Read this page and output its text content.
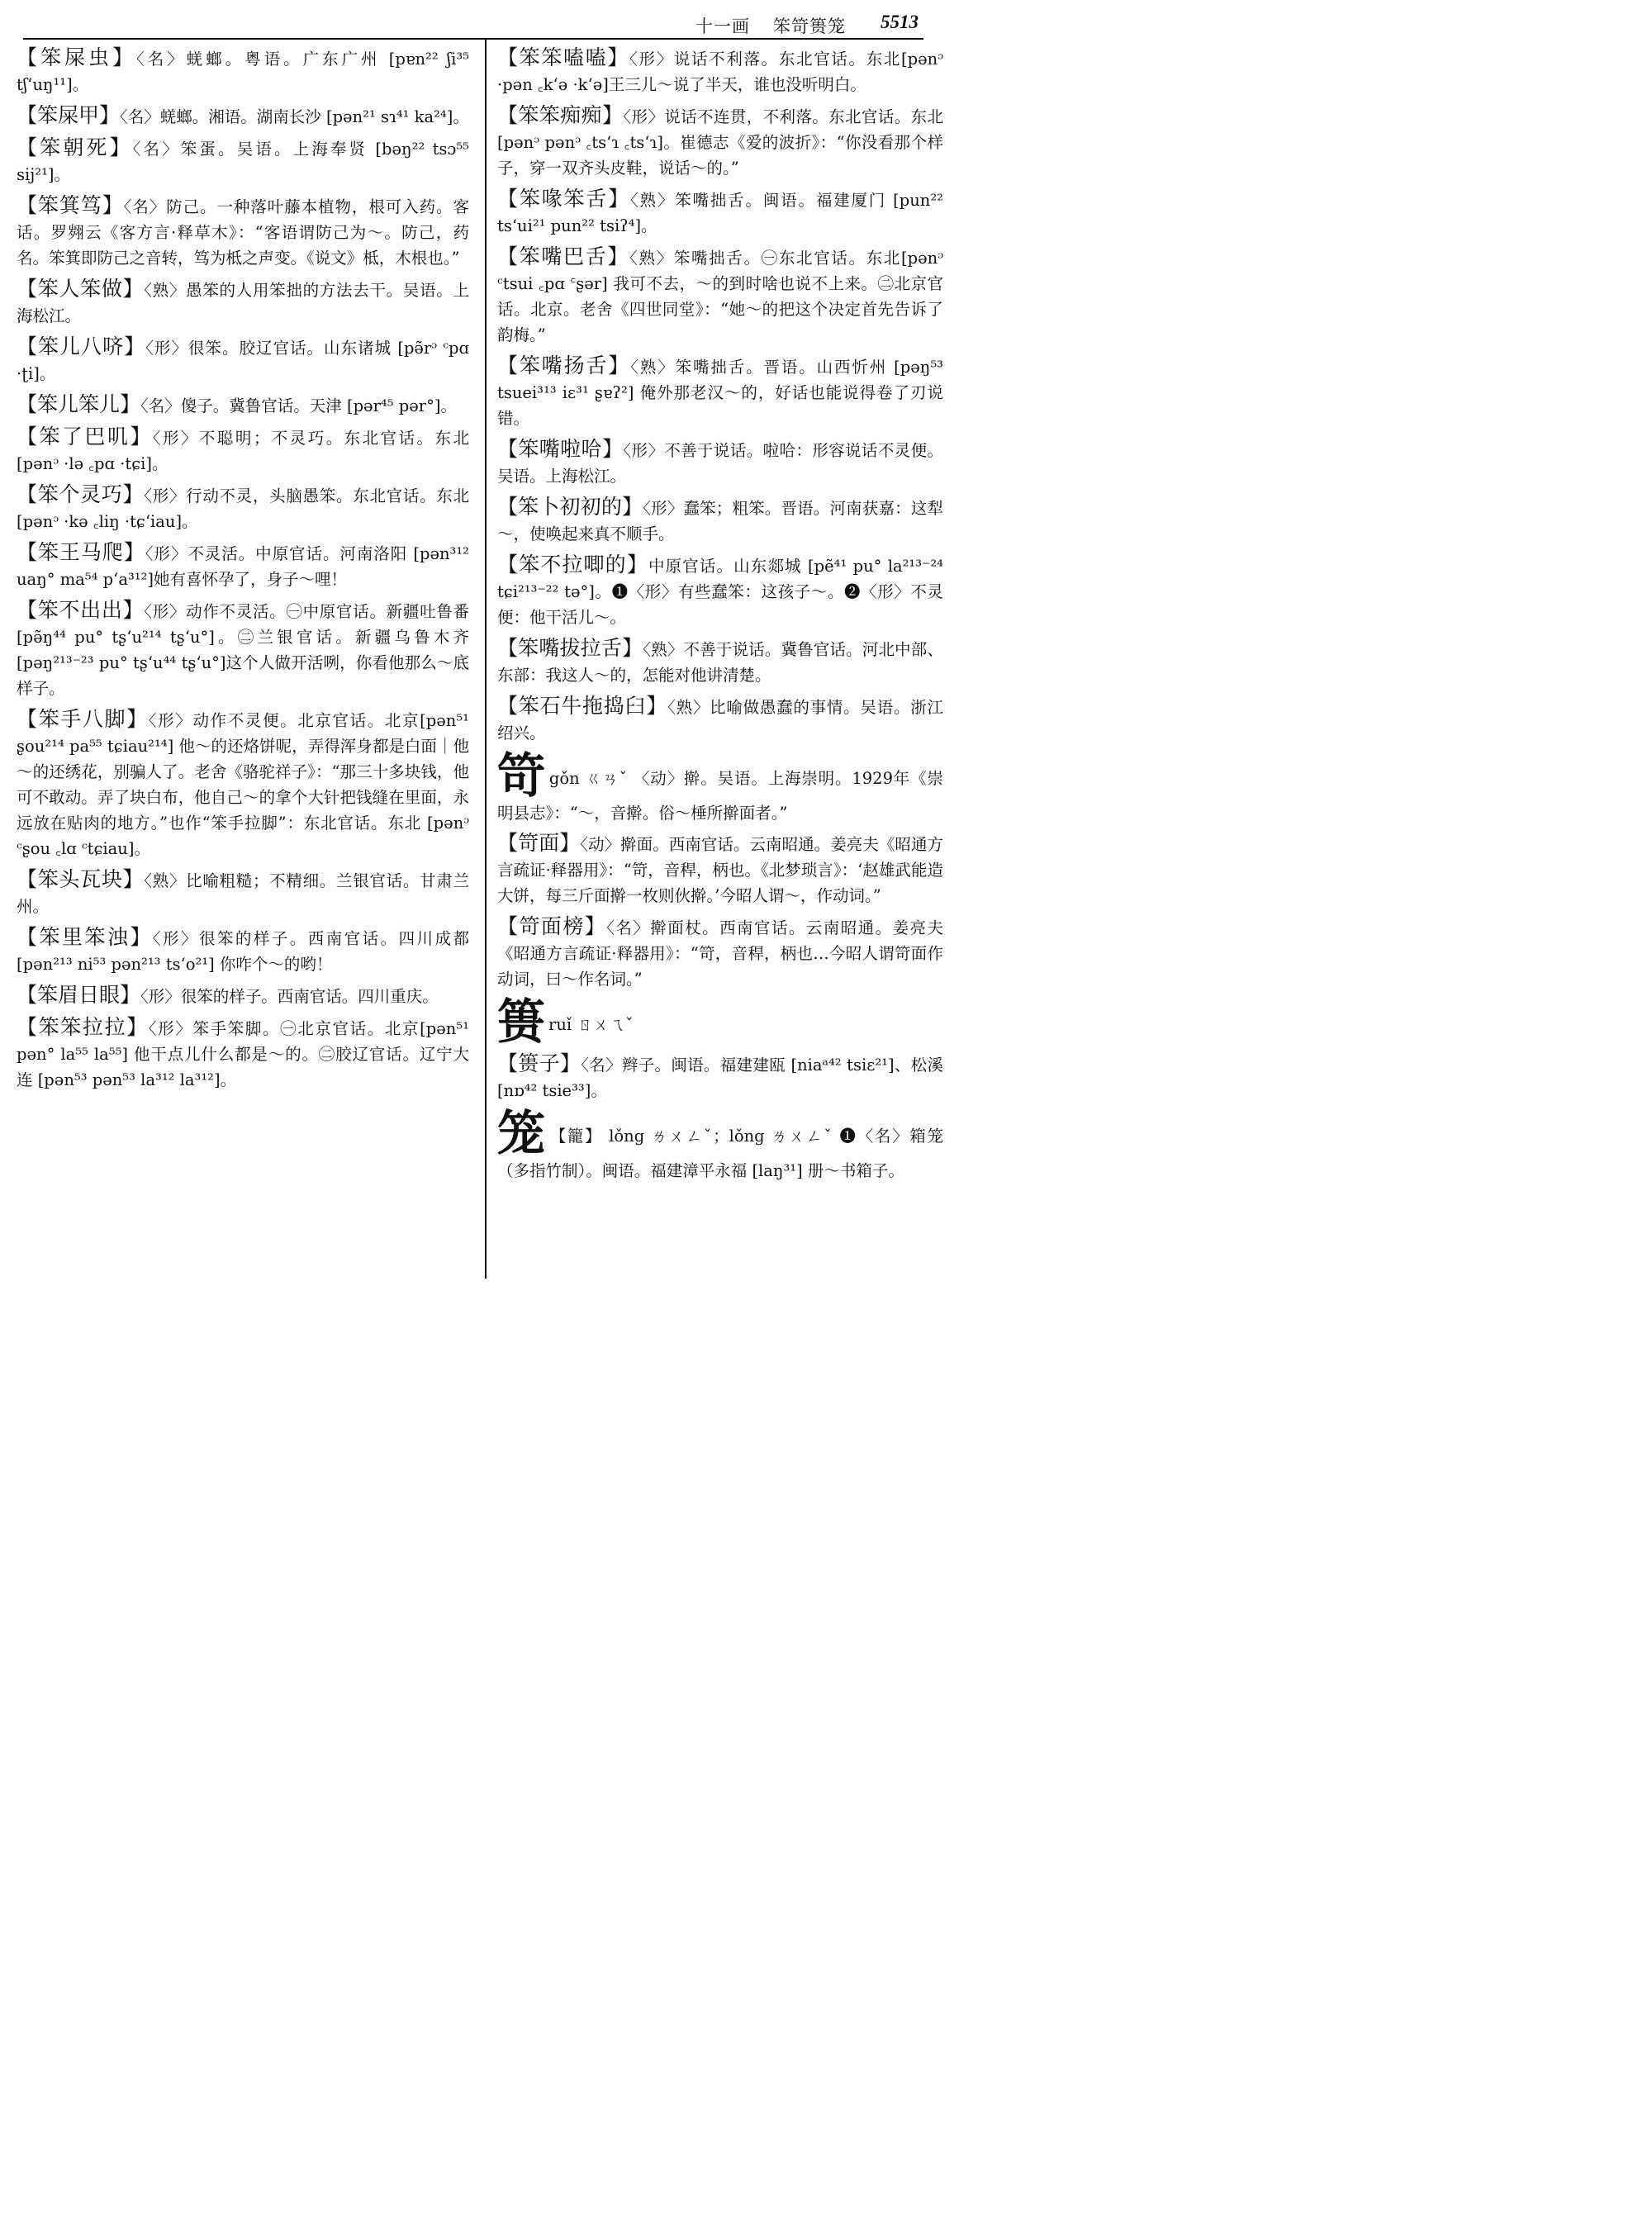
十一画 笨笴篑笼 5513
【笨屎虫】〈名〉蜣螂。粤语。广东广州 [pɐn²² ʃi³⁵ tʃʻuŋ¹¹]。
【笨屎甲】〈名〉蜣螂。湘语。湖南长沙 [pən²¹ sɿ⁴¹ ka²⁴]。
【笨朝死】〈名〉笨蛋。吴语。上海奉贤 [bəŋ²² tsɔ⁵⁵ sij²¹]。
【笨箕笃】〈名〉防己。一种落叶藤本植物，根可入药。客话。罗翙云《客方言·释草木》：“客语谓防己为～。防己，药名。笨箕即防己之音转，笃为柢之声变。《说文》柢，木根也。”
【笨人笨做】〈熟〉愚笨的人用笨拙的方法去干。吴语。上海松江。
【笨儿八哜】〈形〉很笨。胶辽官话。山东诸城 [pə̃rᵓ ᶜpɑ ·ʈi]。
【笨儿笨儿】〈名〉傻子。冀鲁官话。天津 [pər⁴⁵ pər°]。
【笨了巴叽】〈形〉不聪明；不灵巧。东北官话。东北 [pənᵓ ·lə ꜀pɑ ·tɕi]。
【笨个灵巧】〈形〉行动不灵，头脑愚笨。东北官话。东北 [pənᵓ ·kə ꜀liŋ ·tɕʻiau]。
【笨王马爬】〈形〉不灵活。中原官话。河南洛阳 [pən³¹² uaŋ° ma⁵⁴ pʻa³¹²]她有喜怀孕了，身子～哩！
【笨不出出】〈形〉动作不灵活。㊀中原官话。新疆吐鲁番 [pə̃ŋ⁴⁴ pu° tʂʻu²¹⁴ tʂʻu°]。㊁兰银官话。新疆乌鲁木齐 [pəŋ²¹³⁻²³ pu° tʂʻu⁴⁴ tʂʻu°]这个人做开活咧，你看他那么～底样子。
【笨手八脚】〈形〉动作不灵便。北京官话。北京[pən⁵¹ ʂou²¹⁴ pa⁵⁵ tɕiau²¹⁴] 他～的还烙饼呢，弄得浑身都是白面｜他～的还绣花，别骗人了。老舍《骆驼祥子》：“那三十多块钱，他可不敢动。弄了块白布，他自己～的拿个大针把钱缝在里面，永远放在贴肉的地方。”也作“笨手拉脚”：东北官话。东北 [pənᵓ ᶜʂou ꜀lɑ ᶜtɕiau]。
【笨头瓦块】〈熟〉比喻粗糙；不精细。兰银官话。甘肃兰州。
【笨里笨浊】〈形〉很笨的样子。西南官话。四川成都 [pən²¹³ ni⁵³ pən²¹³ tsʻo²¹] 你咋个～的哟！
【笨眉日眼】〈形〉很笨的样子。西南官话。四川重庆。
【笨笨拉拉】〈形〉笨手笨脚。㊀北京官话。北京[pən⁵¹ pən° la⁵⁵ la⁵⁵] 他干点儿什么都是～的。㊁胶辽官话。辽宁大连 [pən⁵³ pən⁵³ la³¹² la³¹²]。
【笨笨嗑嗑】〈形〉说话不利落。东北官话。东北[pənᵓ ·pən ꜀kʻə ·kʻə]王三儿～说了半天，谁也没听明白。
【笨笨痴痴】〈形〉说话不连贯，不利落。东北官话。东北 [pənᵓ pənᵓ ꜀tsʻɿ ꜀tsʻɿ]。崔德志《爱的波折》：“你没看那个样子，穿一双齐头皮鞋，说话～的。”
【笨喙笨舌】〈熟〉笨嘴拙舌。闽语。福建厦门 [pun²² tsʻui²¹ pun²² tsiʔ⁴]。
【笨嘴巴舌】〈熟〉笨嘴拙舌。㊀东北官话。东北[pənᵓ ᶜtsui ꜀pɑ ꜂ʂər] 我可不去，～的到时啥也说不上来。㊁北京官话。北京。老舍《四世同堂》：“她～的把这个决定首先告诉了韵梅。”
【笨嘴扬舌】〈熟〉笨嘴拙舌。晋语。山西忻州 [pəŋ⁵³ tsuei³¹³ iɛ³¹ ʂɐʔ²] 俺外那老汉～的，好话也能说得卷了刃说错。
【笨嘴啦哈】〈形〉不善于说话。啦哈：形容说话不灵便。吴语。上海松江。
【笨卜初初的】〈形〉蠢笨；粗笨。晋语。河南获嘉：这犁～，使唤起来真不顺手。
【笨不拉唧的】中原官话。山东郯城 [pẽ⁴¹ pu° la²¹³⁻²⁴ tɕi²¹³⁻²² tə°]。❶〈形〉有些蠢笨：这孩子～。❷〈形〉不灵便：他干活儿～。
【笨嘴拔拉舌】〈熟〉不善于说话。冀鲁官话。河北中部、东部：我这人～的，怎能对他讲清楚。
【笨石牛拖捣臼】〈熟〉比喻做愚蠢的事情。吴语。浙江绍兴。
笴gǒn ㄍㄢˇ 〈动〉擀。吴语。上海崇明。1929年《崇明县志》：“～，音擀。俗～棰所擀面者。”
【笴面】〈动〉擀面。西南官话。云南昭通。姜亮夫《昭通方言疏证·释器用》：“笴，音稈，柄也。《北梦琐言》：‘赵雄武能造大饼，每三斤面擀一枚则伙擀。’今昭人谓～，作动词。”
【笴面榜】〈名〉擀面杖。西南官话。云南昭通。姜亮夫《昭通方言疏证·释器用》：“笴，音稈，柄也…今昭人谓笴面作动词，曰～作名词。”
篑ruǐ ㄖㄨㄟˇ
【篑子】〈名〉辫子。闽语。福建建瓯 [niaᵃ⁴² tsiɛ²¹]、松溪 [nɒ⁴² tsie³³]。
笼 【籠】 lǒng ㄌㄨㄥˇ；lǒng ㄌㄨㄥˇ ❶〈名〉箱笼（多指竹制）。闽语。福建漳平永福 [laŋ³¹] 册～书箱子。
